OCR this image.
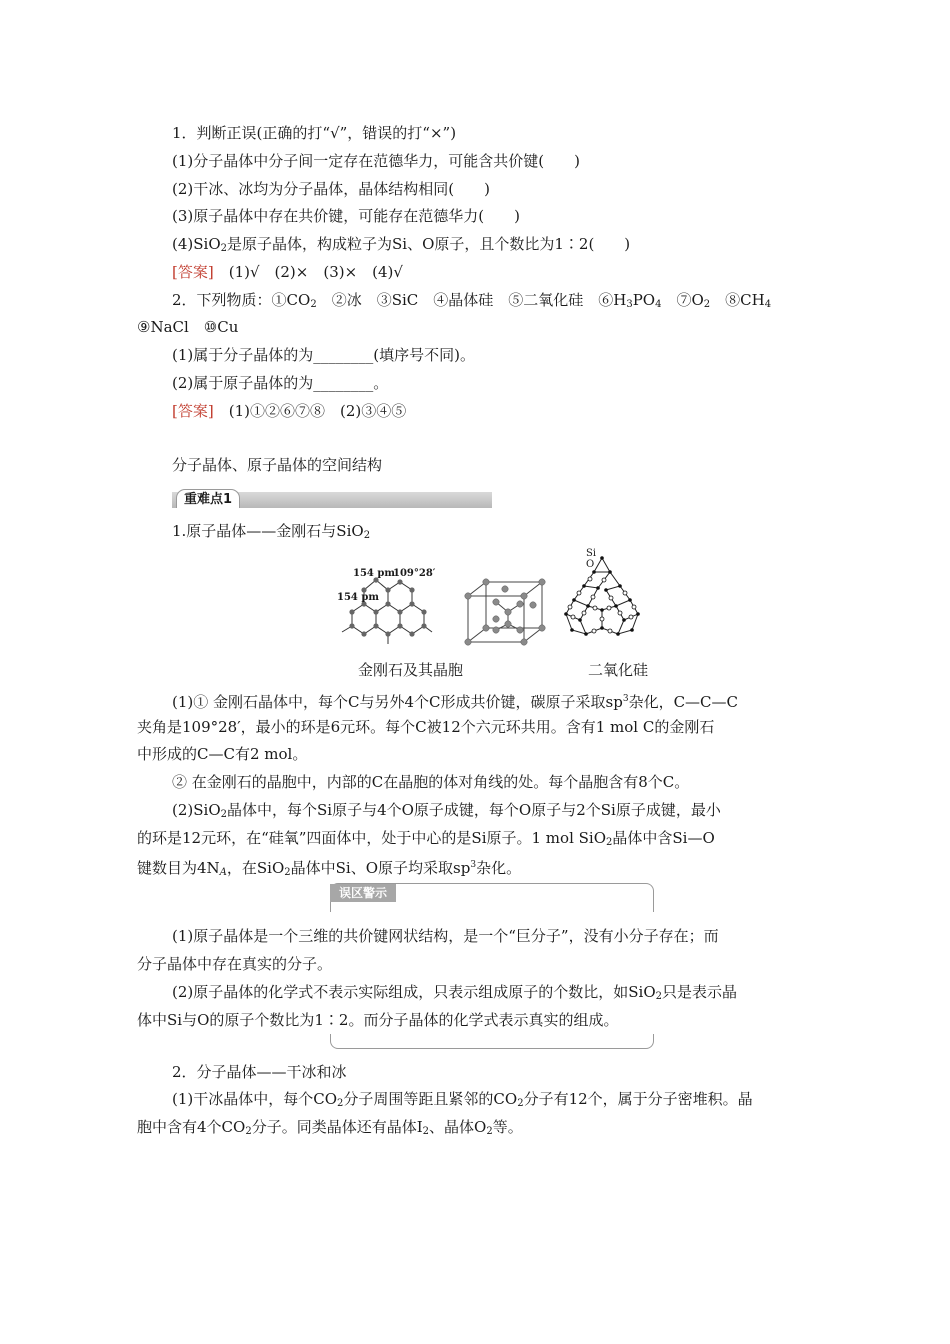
1．判断正误(正确的打“√”，错误的打“×”)
(1)分子晶体中分子间一定存在范德华力，可能含共价键(　　)
(2)干冰、冰均为分子晶体，晶体结构相同(　　)
(3)原子晶体中存在共价键，可能存在范德华力(　　)
(4)SiO$_2$是原子晶体，构成粒子为Si、O原子，且个数比为1∶2(　　)
[答案]　(1)√　(2)×　(3)×　(4)√
2．下列物质：$①CO_2$　②冰　③SiC　④晶体硅　⑤二氧化硅　$⑥H_3PO_4$　$⑦O_2$　$⑧CH_4$
⑨NaCl　⑩Cu
(1)属于分子晶体的为________(填序号不同)。
(2)属于原子晶体的为________。
[答案]　(1)①②⑥⑦⑧　(2)③④⑤
分子晶体、原子晶体的空间结构
重难点1
1.原子晶体——金刚石与SiO$_2$
154 pm
109°28′
154 pm
Si
O
金刚石及其晶胞	二氧化硅
(1)① 金刚石晶体中，每个C与另外4个C形成共价键，碳原子采取$sp^3$杂化，C—C—C
夹角是109°28′，最小的环是6元环。每个C被12个六元环共用。含有1 mol C的金刚石
中形成的C—C有2 mol。
② 在金刚石的晶胞中，内部的C在晶胞的体对角线的处。每个晶胞含有8个C。
(2)SiO$_2$晶体中，每个Si原子与4个O原子成键，每个O原子与2个Si原子成键，最小
的环是12元环，在“硅氧”四面体中，处于中心的是Si原子。1 mol SiO$_2$晶体中含Si—O
键数目为$4N_A$，在SiO$_2$晶体中Si、O原子均采取$sp^3$杂化。
误区警示
(1)原子晶体是一个三维的共价键网状结构，是一个“巨分子”，没有小分子存在；而
分子晶体中存在真实的分子。
(2)原子晶体的化学式不表示实际组成，只表示组成原子的个数比，如SiO$_2$只是表示晶
体中Si与O的原子个数比为1∶2。而分子晶体的化学式表示真实的组成。
2．分子晶体——干冰和冰
(1)干冰晶体中，每个$CO_2$分子周围等距且紧邻的$CO_2$分子有12个，属于分子密堆积。晶
胞中含有4个$CO_2$分子。同类晶体还有晶体$I_2$、晶体$O_2$等。
